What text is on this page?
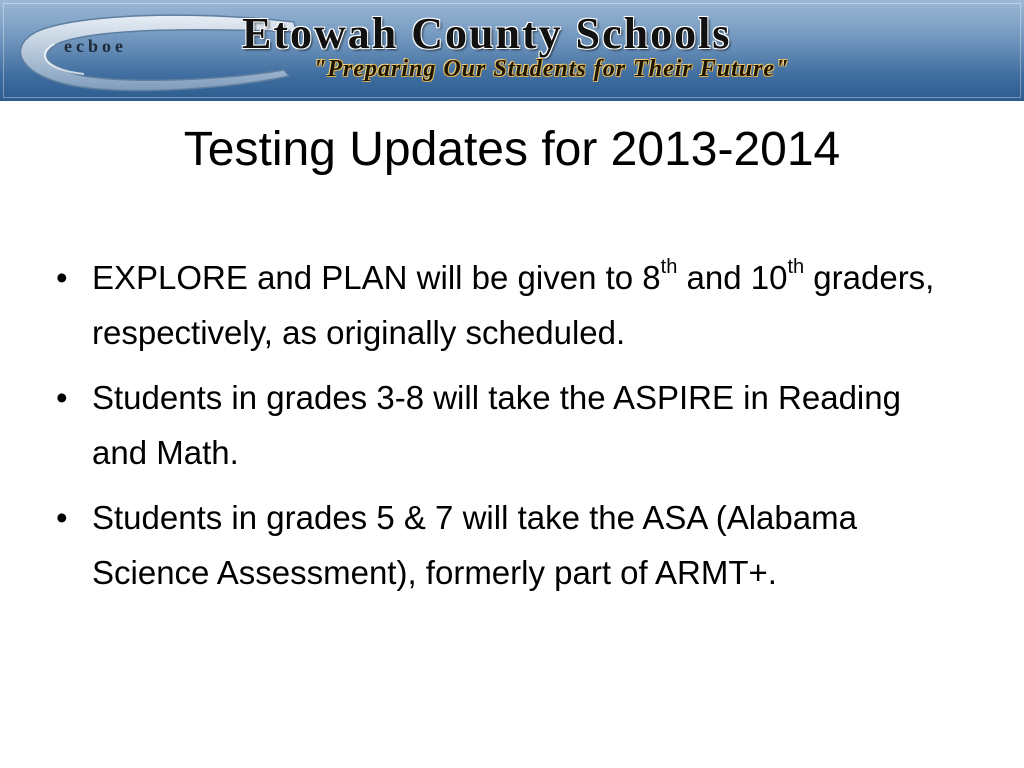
ecboe	Etowah County Schools
"Preparing Our Students for Their Future"
Testing Updates for 2013-2014
• EXPLORE and PLAN will be given to 8th and 10th graders, respectively, as originally scheduled.
• Students in grades 3-8 will take the ASPIRE in Reading and Math.
• Students in grades 5 & 7 will take the ASA (Alabama Science Assessment), formerly part of ARMT+.
